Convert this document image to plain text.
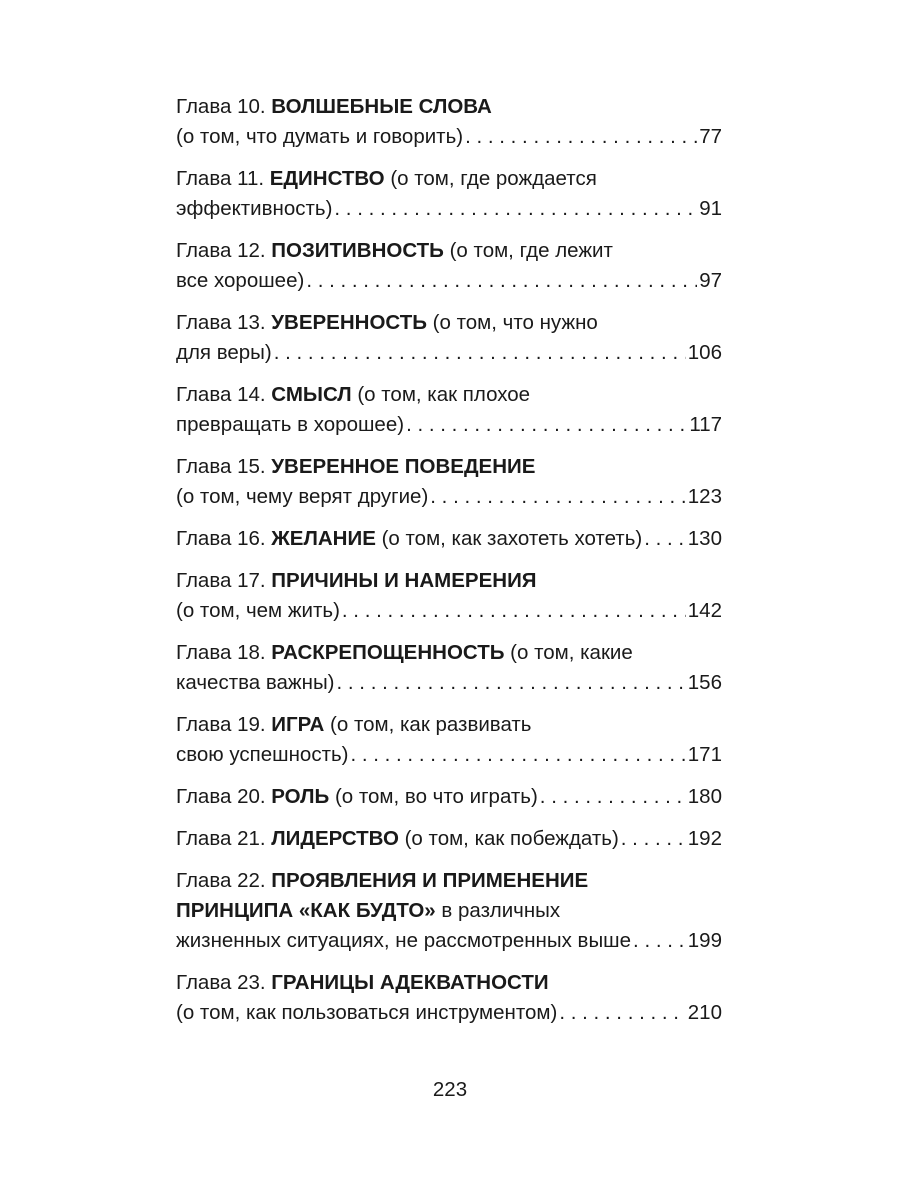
Глава 10.
ВОЛШЕБНЫЕ СЛОВА
(о том, что думать и говорить) . . .	77
Глава 11.
ЕДИНСТВО
(о том, где рождается
эффективность) . . .	91
Глава 12.
ПОЗИТИВНОСТЬ
(о том, где лежит
все хорошее) . . .	97
Глава 13.
УВЕРЕННОСТЬ
(о том, что нужно
для веры) . . .	106
Глава 14.
СМЫСЛ
(о том, как плохое
превращать в хорошее) . . .	117
Глава 15.
УВЕРЕННОЕ ПОВЕДЕНИЕ
(о том, чему верят другие) . . .	123
Глава 16.
ЖЕЛАНИЕ
(о том, как захотеть хотеть) . . . 130
Глава 17.
ПРИЧИНЫ И НАМЕРЕНИЯ
(о том, чем жить) . . .	142
Глава 18.
РАСКРЕПОЩЕННОСТЬ
(о том, какие
качества важны) . . .	156
Глава 19.
ИГРА
(о том, как развивать
свою успешность) . . .	171
Глава 20.
РОЛЬ
(о том, во что играть) . . .	180
Глава 21.
ЛИДЕРСТВО
(о том, как побеждать) . . .	192
Глава 22.
ПРОЯВЛЕНИЯ И ПРИМЕНЕНИЕ
ПРИНЦИПА «КАК БУДТО»
в различных
жизненных ситуациях, не рассмотренных выше . . .	199
Глава 23.
ГРАНИЦЫ АДЕКВАТНОСТИ
(о том, как пользоваться инструментом) . . .	210
223
